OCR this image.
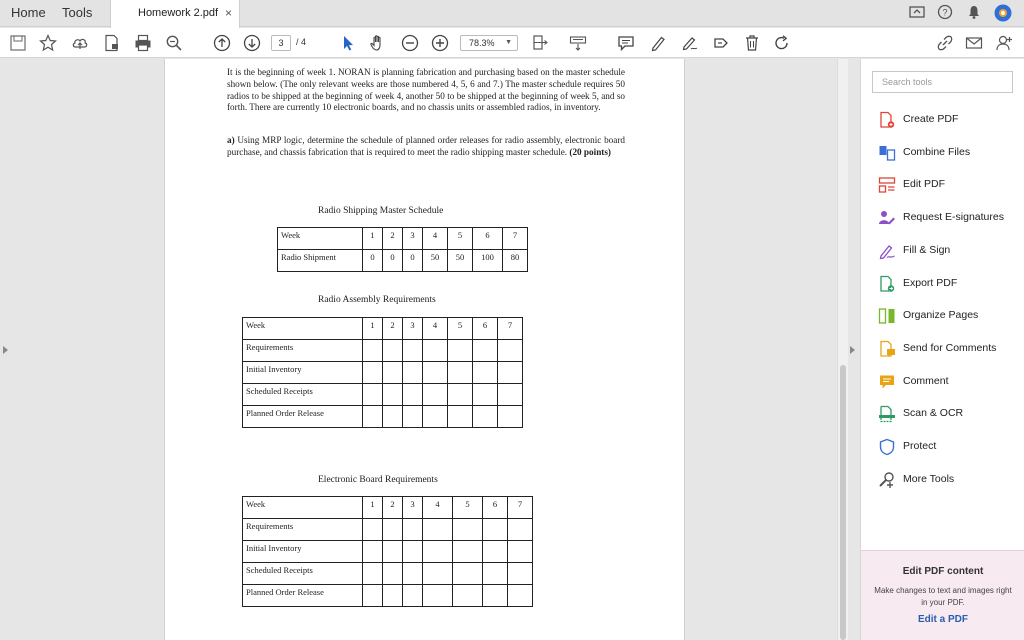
Home Tools	Homework 2.pdf ×	?
3	/ 4	78.3% ▼

It is the beginning of week 1. NORAN is planning fabrication and purchasing based on the master schedule shown below. (The only relevant weeks are those numbered 4, 5, 6 and 7.) The master schedule requires 50 radios to be shipped at the beginning of week 4, another 50 to be shipped at the beginning of week 5, and so forth. There are currently 10 electronic boards, and no chassis units or assembled radios, in inventory.

a) Using MRP logic, determine the schedule of planned order releases for radio assembly, electronic board purchase, and chassis fabrication that is required to meet the radio shipping master schedule. (20 points)

Radio Shipping Master Schedule
Week	1	2	3	4	5	6	7
Radio Shipment	0	0	0	50	50	100	80
Radio Assembly Requirements
Week	1	2	3	4	5	6	7
Requirements							
Initial Inventory							
Scheduled Receipts							
Planned Order Release							
Electronic Board Requirements
Week	1	2	3	4	5	6	7
Requirements							
Initial Inventory							
Scheduled Receipts							
Planned Order Release							
Search tools
Create PDF
Combine Files
Edit PDF
Request E-signatures
Fill & Sign
Export PDF
Organize Pages
Send for Comments
Comment
Scan & OCR
Protect
More Tools
Edit PDF content
Make changes to text and images right in your PDF.
Edit a PDF
